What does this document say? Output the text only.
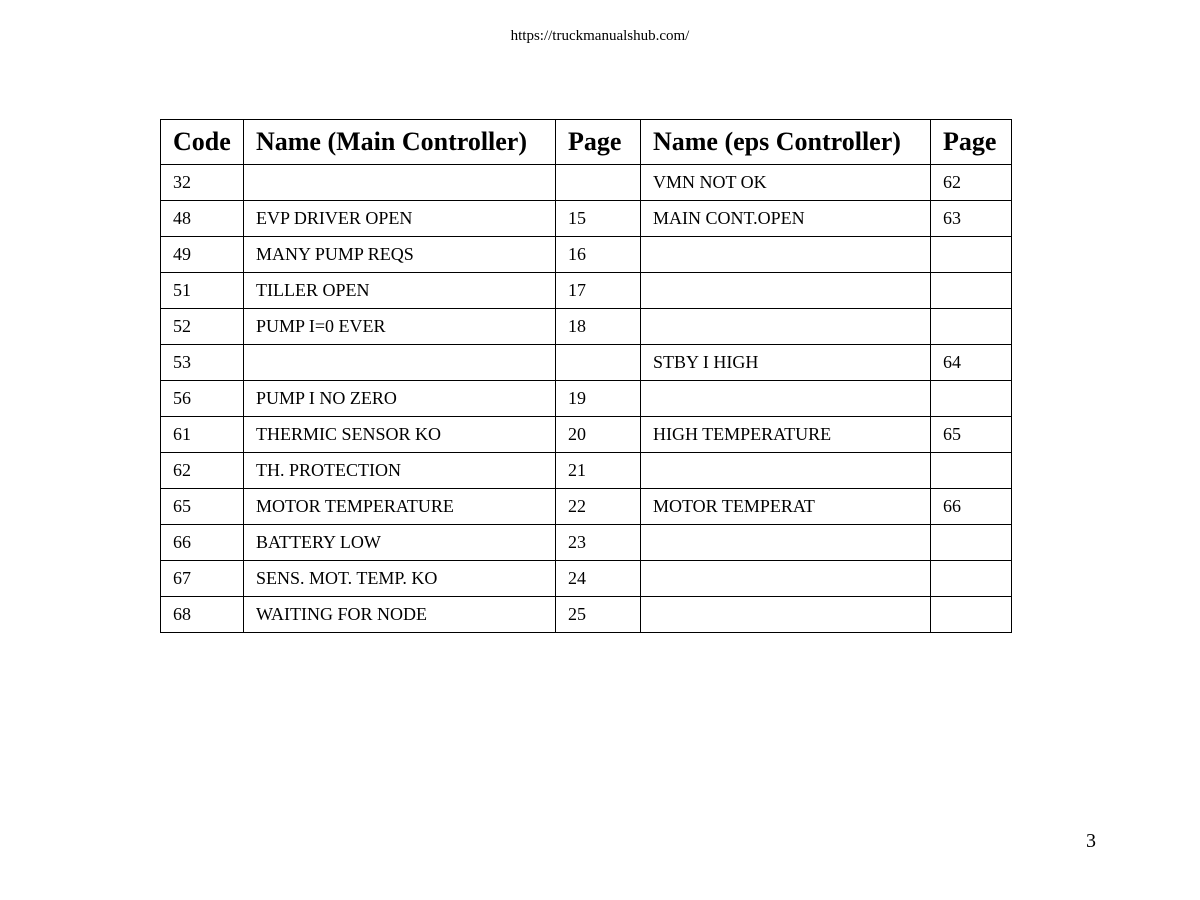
https://truckmanualshub.com/
Code	Name (Main Controller)	Page	Name (eps Controller)	Page
32			VMN NOT OK	62
48	EVP DRIVER OPEN	15	MAIN CONT.OPEN	63
49	MANY PUMP REQS	16		
51	TILLER OPEN	17		
52	PUMP I=0 EVER	18		
53			STBY I HIGH	64
56	PUMP I NO ZERO	19		
61	THERMIC SENSOR KO	20	HIGH TEMPERATURE	65
62	TH. PROTECTION	21		
65	MOTOR TEMPERATURE	22	MOTOR TEMPERAT	66
66	BATTERY LOW	23		
67	SENS. MOT. TEMP. KO	24		
68	WAITING FOR NODE	25		
3
